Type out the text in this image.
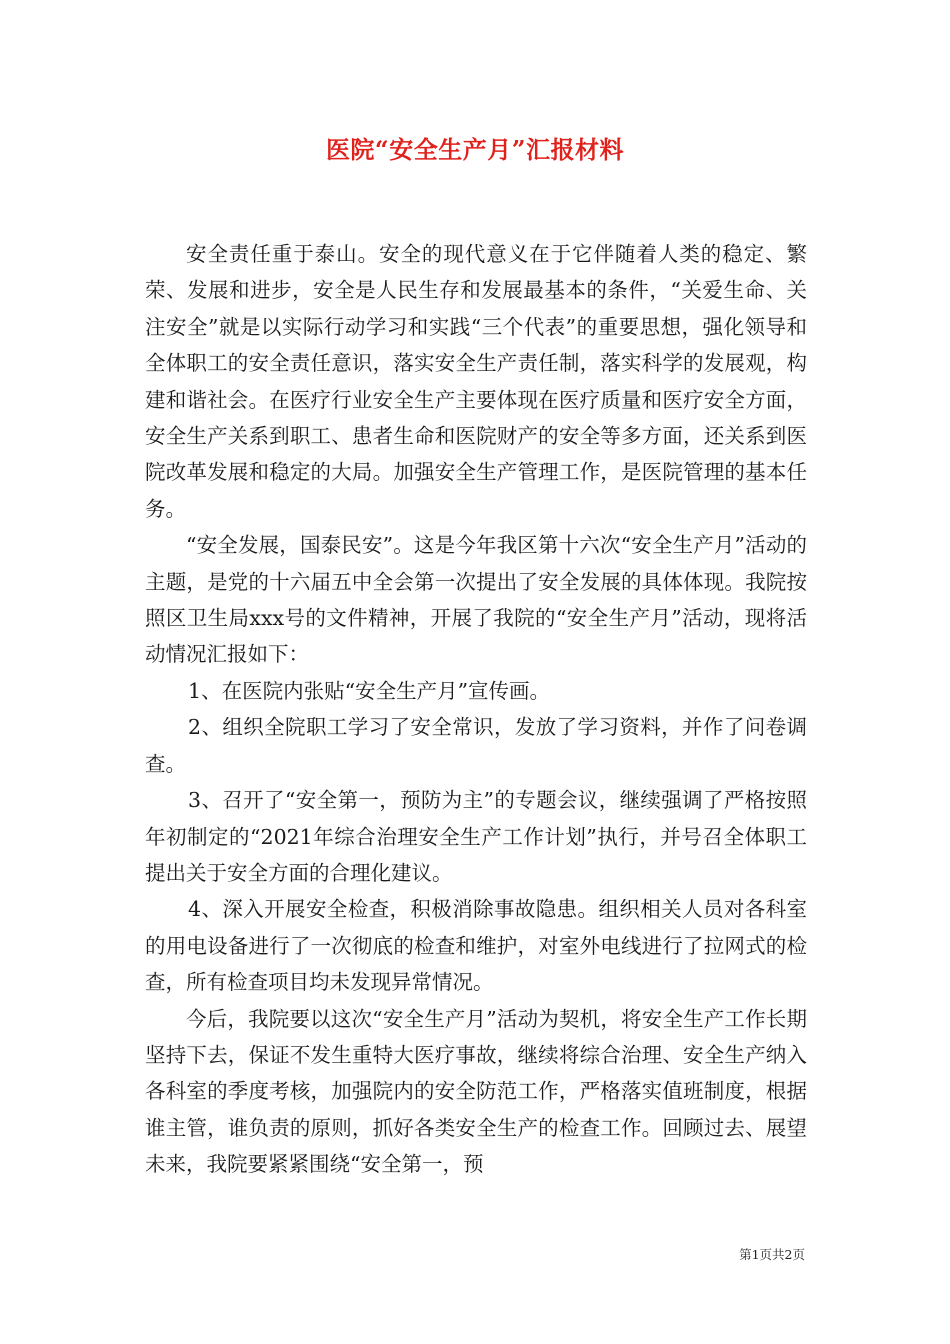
医院“安全生产月”汇报材料

安全责任重于泰山。安全的现代意义在于它伴随着人类的稳定、繁荣、发展和进步，安全是人民生存和发展最基本的条件，“关爱生命、关注安全”就是以实际行动学习和实践“三个代表”的重要思想，强化领导和全体职工的安全责任意识，落实安全生产责任制，落实科学的发展观，构建和谐社会。在医疗行业安全生产主要体现在医疗质量和医疗安全方面，安全生产关系到职工、患者生命和医院财产的安全等多方面，还关系到医院改革发展和稳定的大局。加强安全生产管理工作，是医院管理的基本任务。

“安全发展，国泰民安”。这是今年我区第十六次“安全生产月”活动的主题，是党的十六届五中全会第一次提出了安全发展的具体体现。我院按照区卫生局xxx号的文件精神，开展了我院的“安全生产月”活动，现将活动情况汇报如下：

1、在医院内张贴“安全生产月”宣传画。

2、组织全院职工学习了安全常识，发放了学习资料，并作了问卷调查。

3、召开了“安全第一，预防为主”的专题会议，继续强调了严格按照年初制定的“2021年综合治理安全生产工作计划”执行，并号召全体职工提出关于安全方面的合理化建议。

4、深入开展安全检查，积极消除事故隐患。组织相关人员对各科室的用电设备进行了一次彻底的检查和维护，对室外电线进行了拉网式的检查，所有检查项目均未发现异常情况。

今后，我院要以这次“安全生产月”活动为契机，将安全生产工作长期坚持下去，保证不发生重特大医疗事故，继续将综合治理、安全生产纳入各科室的季度考核，加强院内的安全防范工作，严格落实值班制度，根据谁主管，谁负责的原则，抓好各类安全生产的检查工作。回顾过去、展望未来，我院要紧紧围绕“安全第一，预

第1页共2页
